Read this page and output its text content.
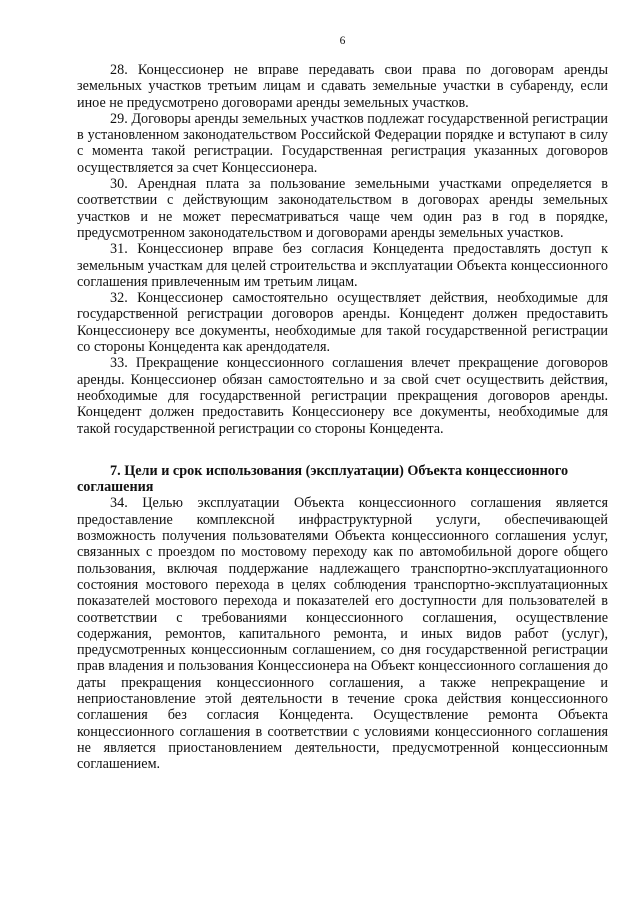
6

28. Концессионер не вправе передавать свои права по договорам аренды земельных участков третьим лицам и сдавать земельные участки в субаренду, если иное не предусмотрено договорами аренды земельных участков.

29. Договоры аренды земельных участков подлежат государственной регистрации в установленном законодательством Российской Федерации порядке и вступают в силу с момента такой регистрации. Государственная регистрация указанных договоров осуществляется за счет Концессионера.

30. Арендная плата за пользование земельными участками определяется в соответствии с действующим законодательством в договорах аренды земельных участков и не может пересматриваться чаще чем один раз в год в порядке, предусмотренном законодательством и договорами аренды земельных участков.

31. Концессионер вправе без согласия Концедента предоставлять доступ к земельным участкам для целей строительства и эксплуатации Объекта концессионного соглашения привлеченным им третьим лицам.

32. Концессионер самостоятельно осуществляет действия, необходимые для государственной регистрации договоров аренды. Концедент должен предоставить Концессионеру все документы, необходимые для такой государственной регистрации со стороны Концедента как арендодателя.

33. Прекращение концессионного соглашения влечет прекращение договоров аренды. Концессионер обязан самостоятельно и за свой счет осуществить действия, необходимые для государственной регистрации прекращения договоров аренды. Концедент должен предоставить Концессионеру все документы, необходимые для такой государственной регистрации со стороны Концедента.

7. Цели и срок использования (эксплуатации) Объекта концессионного соглашения

34. Целью эксплуатации Объекта концессионного соглашения является предоставление комплексной инфраструктурной услуги, обеспечивающей возможность получения пользователями Объекта концессионного соглашения услуг, связанных с проездом по мостовому переходу как по автомобильной дороге общего пользования, включая поддержание надлежащего транспортно-эксплуатационного состояния мостового перехода в целях соблюдения транспортно-эксплуатационных показателей мостового перехода и показателей его доступности для пользователей в соответствии с требованиями концессионного соглашения, осуществление содержания, ремонтов, капитального ремонта, и иных видов работ (услуг), предусмотренных концессионным соглашением, со дня государственной регистрации прав владения и пользования Концессионера на Объект концессионного соглашения до даты прекращения концессионного соглашения, а также непрекращение и неприостановление этой деятельности в течение срока действия концессионного соглашения без согласия Концедента. Осуществление ремонта Объекта концессионного соглашения в соответствии с условиями концессионного соглашения не является приостановлением деятельности, предусмотренной концессионным соглашением.
